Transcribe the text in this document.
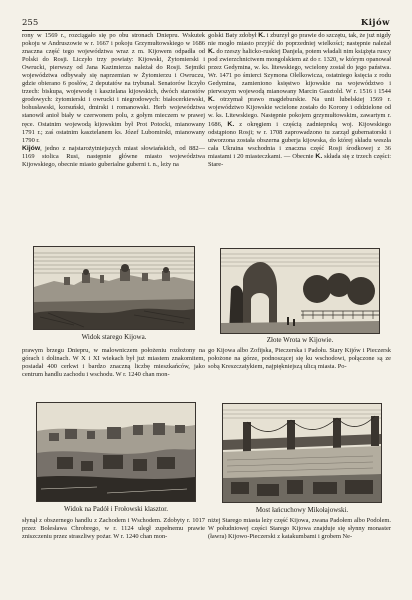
255	Kijów

rony w 1569 r., rozciągało się po obu stronach Dniepru. Wskutek pokoju w Andruszowie w r. 1667 i pokoju Grzymułtowskiego w 1686 znaczna część tego województwa wraz z m. Kijowem odpadła od Polski do Rosji. Liczyło trzy powiaty: Kijowski, Żytomierski i Owrucki, pierwszy od Jana Kazimierza należał do Rosji. Sejmiki województwa odbywały się naprzemian w Żytomierzu i Owruczu, gdzie obierano 6 posłów, 2 deputatów na trybunał. Senatorów liczyło trzech: biskupa, wojewodę i kasztelana kijowskich, dwóch starostów grodowych: żytomierski i owrucki i niegrodowych: białocerkiewski, bohusławski, korsuński, dmirski i romanowski. Herb województwa stanowił anioł biały w czerwonem polu, z gołym mieczem w prawej ręce. Ostatnim wojewodą kijowskim był Prot Potocki, mianowany 1791 r.; zaś ostatnim kasztelanem ks. Józef Lubomirski, mianowany 1790 r.

Kijów, jedno z najstarożytniejszych miast słowiańskich, od 882—1169 stolica Rusi, następnie główne miasto województwa Kijowskiego, obecnie miasto guberialne guberni t. n., leży na

golski Baty zdobył K. i zburzył go prawie do szczętu, tak, że już nigdy nie mogło miasto przyjść do poprzedniej wielkości; następnie należał K. do rzeszy halicko-ruskiej Danjela, potem władali nim książęta ruscy pod zwierzchnictwem mongolskiem aż do r. 1320, w którym opanował przez Gedymina, w. ks. litewskiego, wcielony został do jego państwa. Wr. 1471 po śmierci Szymona Olelkowicza, ostatniego księcia z rodu Gedymina, zamieniono księstwo kijowskie na województwo i pierwszym wojewodą mianowany Marcin Gasztold. W r. 1516 i 1544 K. otrzymał prawo magdeburskie. Na unii lubelskiej 1569 r. województwo Kijowskie wcielone zostało do Korony i oddzielone od w. ks. Litewskiego. Następnie pokojem grzymułtowskim, zawartym r. 1686, K. z okręgiem i częścią zadnieprską woj. Kijowskiego odstąpiono Rosji; w r. 1708 zaprowadzono tu zarząd gubernatorski i utworzona została obszerna guberja kijowska, do której składu weszła cała Ukraina wschodnia i znaczna część Rosji środkowej z 36 miastami i 20 miasteczkami. — Obecnie K. składa się z trzech części: Stare-

Widok starego Kijowa.	Złote Wrota w Kijowie.

prawym brzegu Dniepru, w malowniczem położeniu rozłożony na górach i dolinach. W X i XI wiekach był już miastem znakomitem, posiadał 400 cerkwi i bardzo znaczną liczbę mieszkańców, jako centrum handlu zachodu i wschodu. W r. 1240 chan mon-

go Kijowa albo Zofijska, Pieczerska i Padołu. Stary Kijów i Pieczersk położone na górze, podnoszącej się ku wschodowi, połączone są ze sobą Kreszczatykiem, najpiękniejszą ulicą miasta. Po-

Widok na Padół i Frołowski klasztor.	Most łańcuchowy Mikołajowski.

słynął z obszernego handlu z Zachodem i Wschodem. Zdobyty r. 1017 przez Bolesława Chrobrego, w r. 1124 uległ zupełnemu prawie zniszczeniu przez straszliwy pożar. W r. 1240 chan mon-

niżej Starego miasta leży część Kijowa, zwana Padołem albo Podolem. W południowej części Starego Kijowa znajduje się słynny monaster (ławra) Kijowo-Pieczerski z katakumbami i grobem Ne-
